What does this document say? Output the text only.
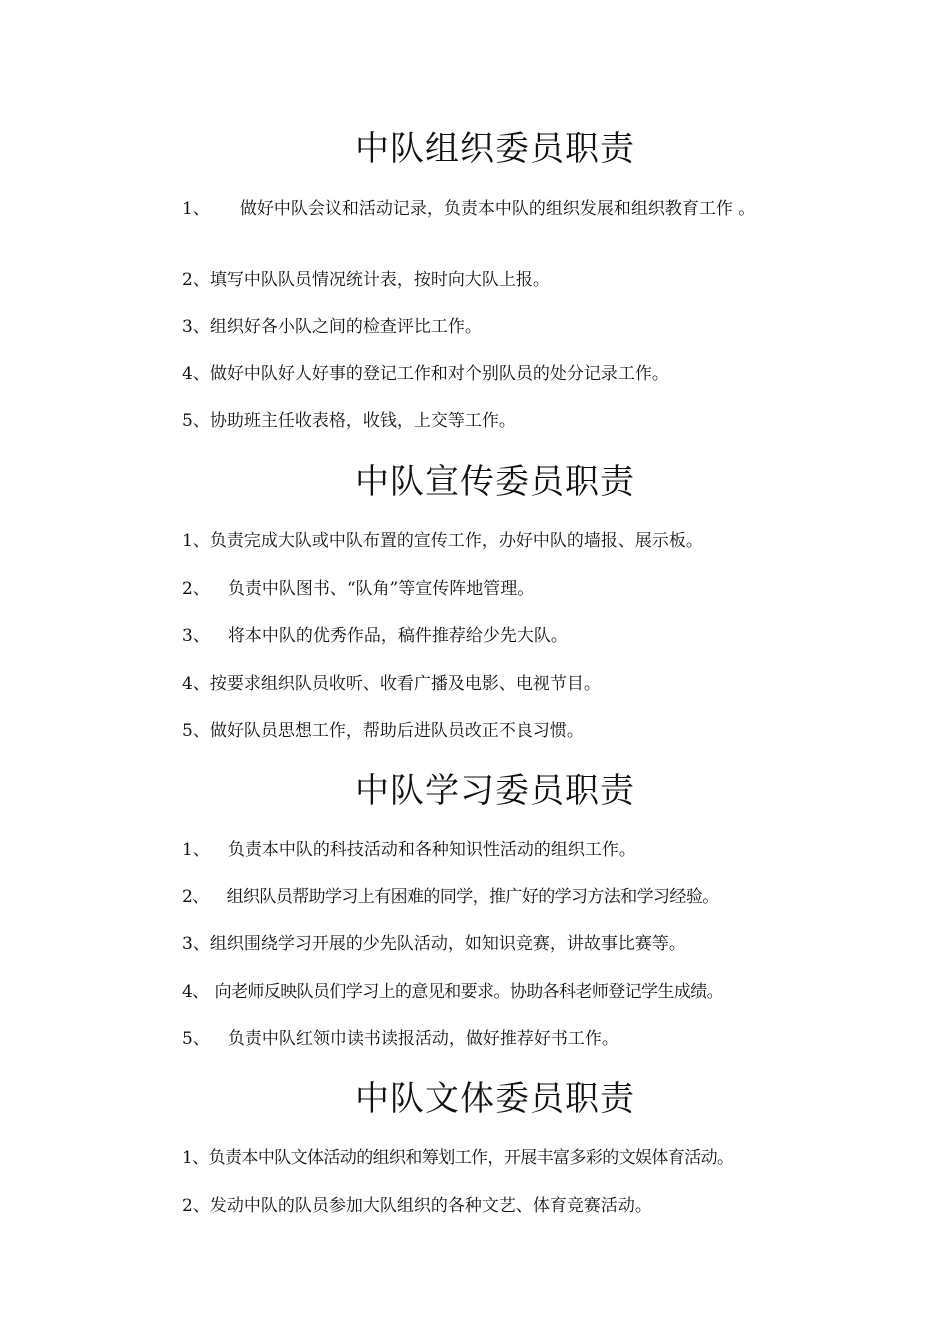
中队组织委员职责
1、 做好中队会议和活动记录，负责本中队的组织发展和组织教育工作 。
2、填写中队队员情况统计表，按时向大队上报。
3、组织好各小队之间的检查评比工作。
4、做好中队好人好事的登记工作和对个别队员的处分记录工作。
5、协助班主任收表格，收钱，上交等工作。
中队宣传委员职责
1、负责完成大队或中队布置的宣传工作，办好中队的墙报、展示板。
2、 负责中队图书、“队角”等宣传阵地管理。
3、 将本中队的优秀作品，稿件推荐给少先大队。
4、按要求组织队员收听、收看广播及电影、电视节目。
5、做好队员思想工作，帮助后进队员改正不良习惯。
中队学习委员职责
1、 负责本中队的科技活动和各种知识性活动的组织工作。
2、 组织队员帮助学习上有困难的同学，推广好的学习方法和学习经验。
3、组织围绕学习开展的少先队活动，如知识竞赛，讲故事比赛等。
4、 向老师反映队员们学习上的意见和要求。协助各科老师登记学生成绩。
5、 负责中队红领巾读书读报活动，做好推荐好书工作。
中队文体委员职责
1、负责本中队文体活动的组织和筹划工作，开展丰富多彩的文娱体育活动。
2、发动中队的队员参加大队组织的各种文艺、体育竞赛活动。
